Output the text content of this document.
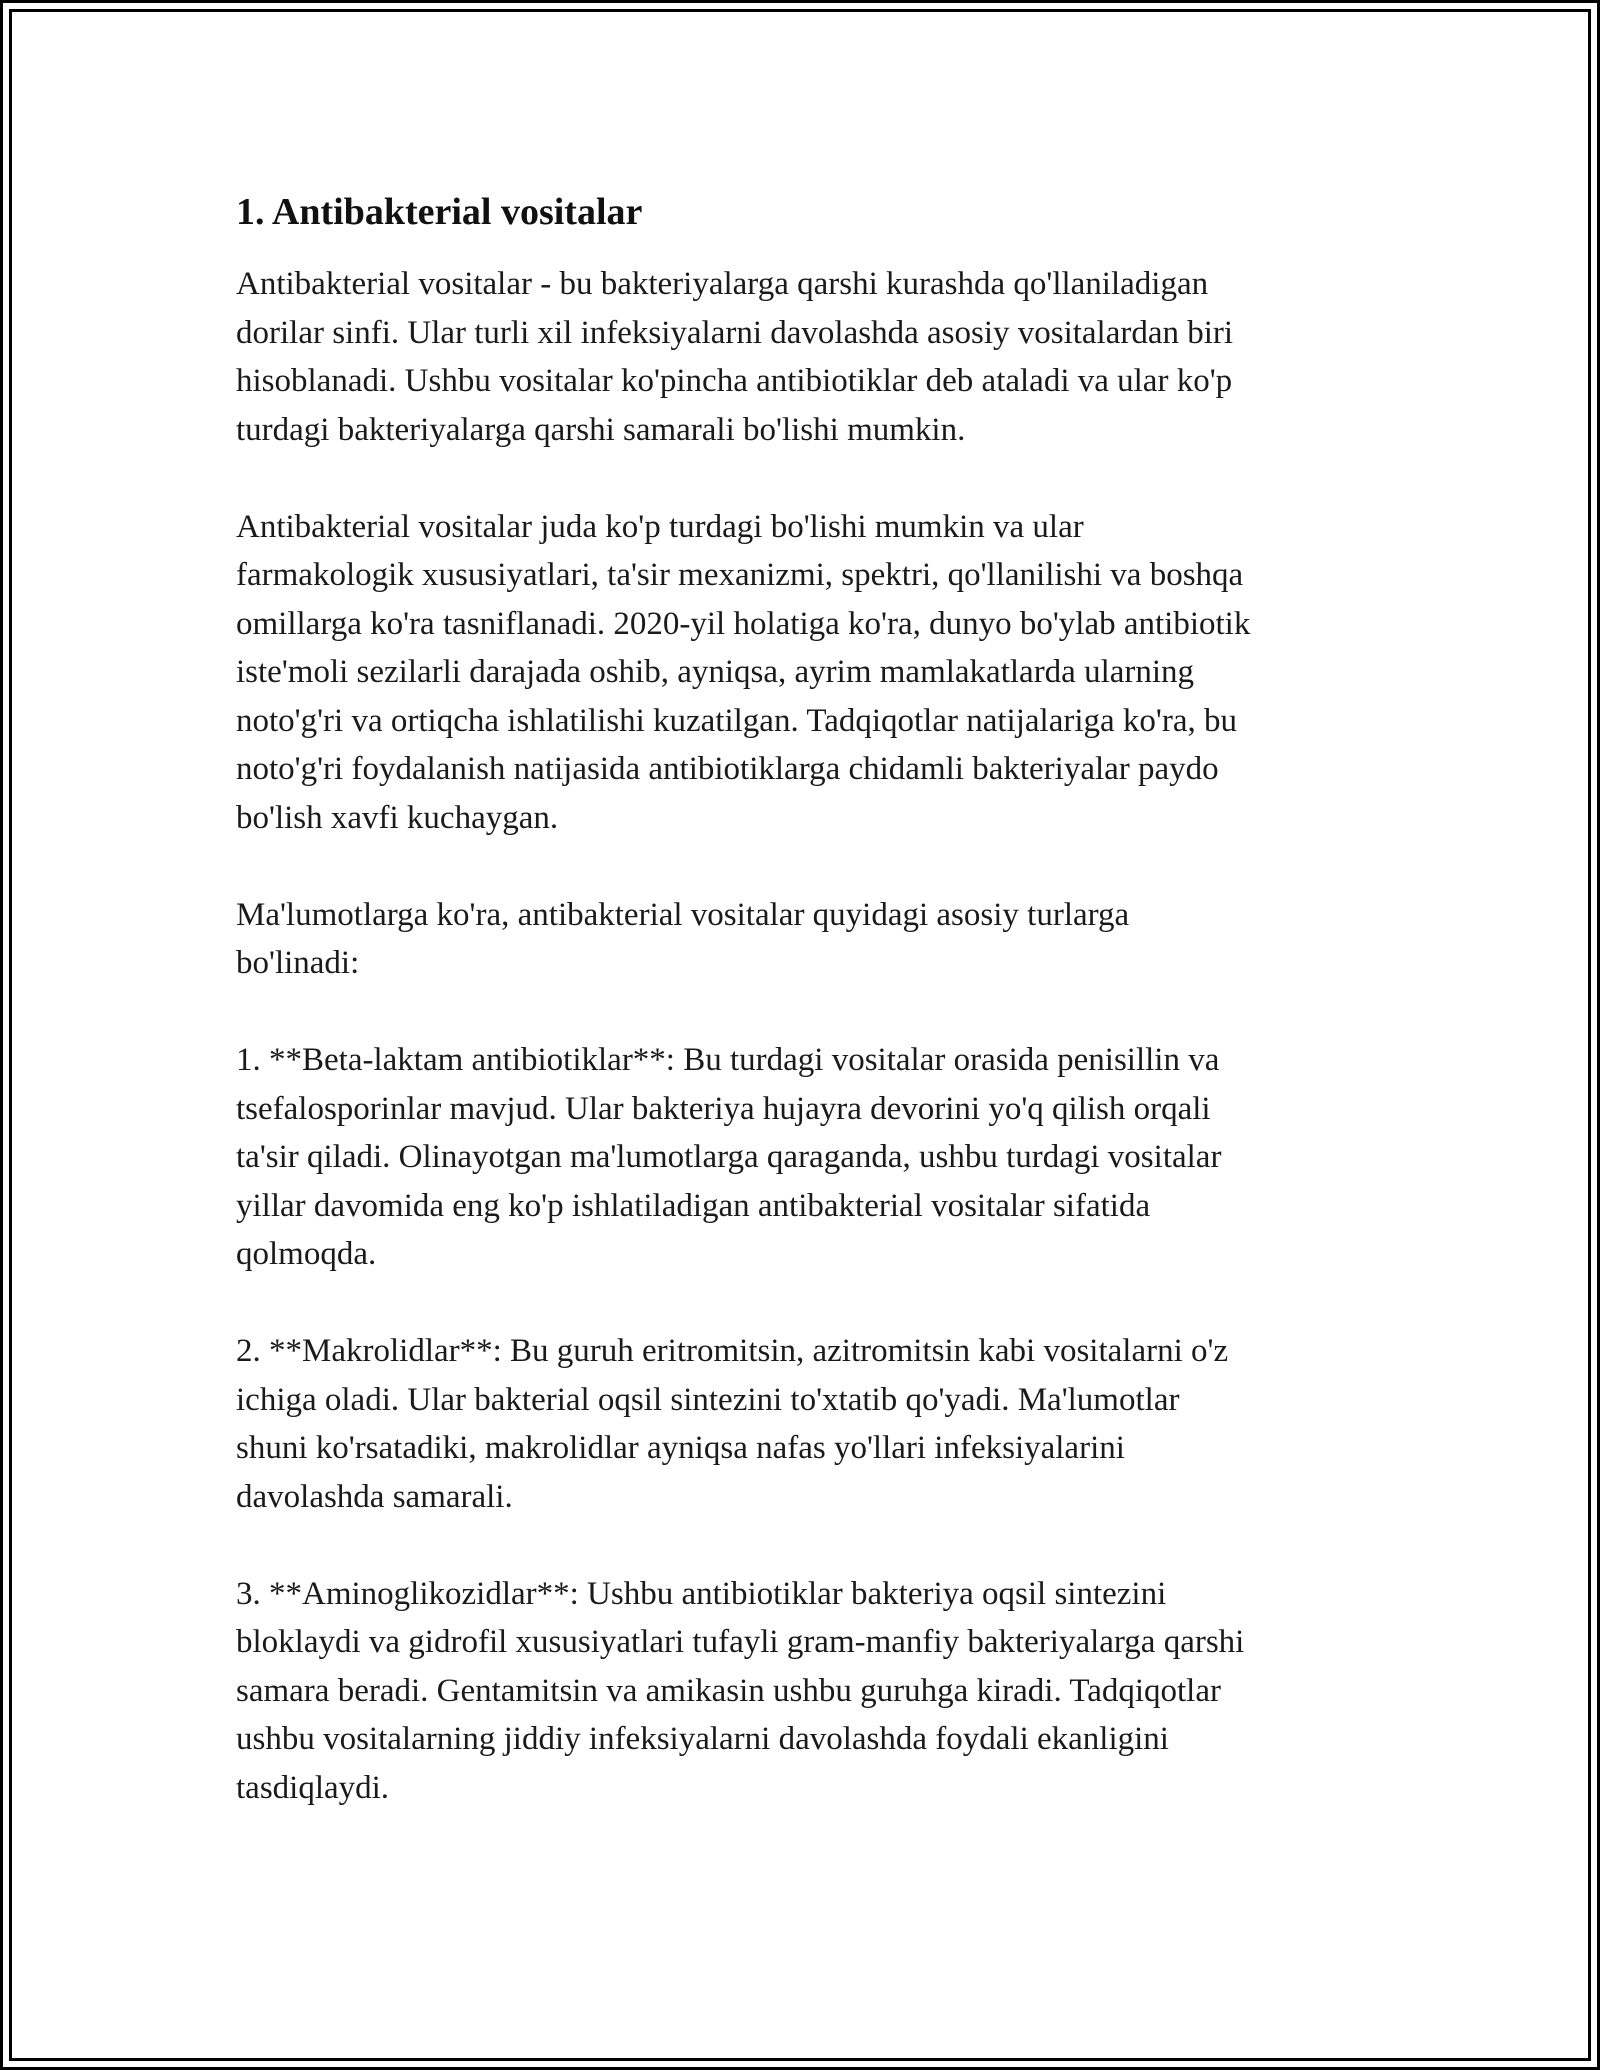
1. Antibakterial vositalar

Antibakterial vositalar - bu bakteriyalarga qarshi kurashda qo'llaniladigan
dorilar sinfi. Ular turli xil infeksiyalarni davolashda asosiy vositalardan biri
hisoblanadi. Ushbu vositalar ko'pincha antibiotiklar deb ataladi va ular ko'p
turdagi bakteriyalarga qarshi samarali bo'lishi mumkin.

Antibakterial vositalar juda ko'p turdagi bo'lishi mumkin va ular
farmakologik xususiyatlari, ta'sir mexanizmi, spektri, qo'llanilishi va boshqa
omillarga ko'ra tasniflanadi. 2020-yil holatiga ko'ra, dunyo bo'ylab antibiotik
iste'moli sezilarli darajada oshib, ayniqsa, ayrim mamlakatlarda ularning
noto'g'ri va ortiqcha ishlatilishi kuzatilgan. Tadqiqotlar natijalariga ko'ra, bu
noto'g'ri foydalanish natijasida antibiotiklarga chidamli bakteriyalar paydo
bo'lish xavfi kuchaygan.

Ma'lumotlarga ko'ra, antibakterial vositalar quyidagi asosiy turlarga
bo'linadi:

1. **Beta-laktam antibiotiklar**: Bu turdagi vositalar orasida penisillin va
tsefalosporinlar mavjud. Ular bakteriya hujayra devorini yo'q qilish orqali
ta'sir qiladi. Olinayotgan ma'lumotlarga qaraganda, ushbu turdagi vositalar
yillar davomida eng ko'p ishlatiladigan antibakterial vositalar sifatida
qolmoqda.

2. **Makrolidlar**: Bu guruh eritromitsin, azitromitsin kabi vositalarni o'z
ichiga oladi. Ular bakterial oqsil sintezini to'xtatib qo'yadi. Ma'lumotlar
shuni ko'rsatadiki, makrolidlar ayniqsa nafas yo'llari infeksiyalarini
davolashda samarali.

3. **Aminoglikozidlar**: Ushbu antibiotiklar bakteriya oqsil sintezini
bloklaydi va gidrofil xususiyatlari tufayli gram-manfiy bakteriyalarga qarshi
samara beradi. Gentamitsin va amikasin ushbu guruhga kiradi. Tadqiqotlar
ushbu vositalarning jiddiy infeksiyalarni davolashda foydali ekanligini
tasdiqlaydi.
